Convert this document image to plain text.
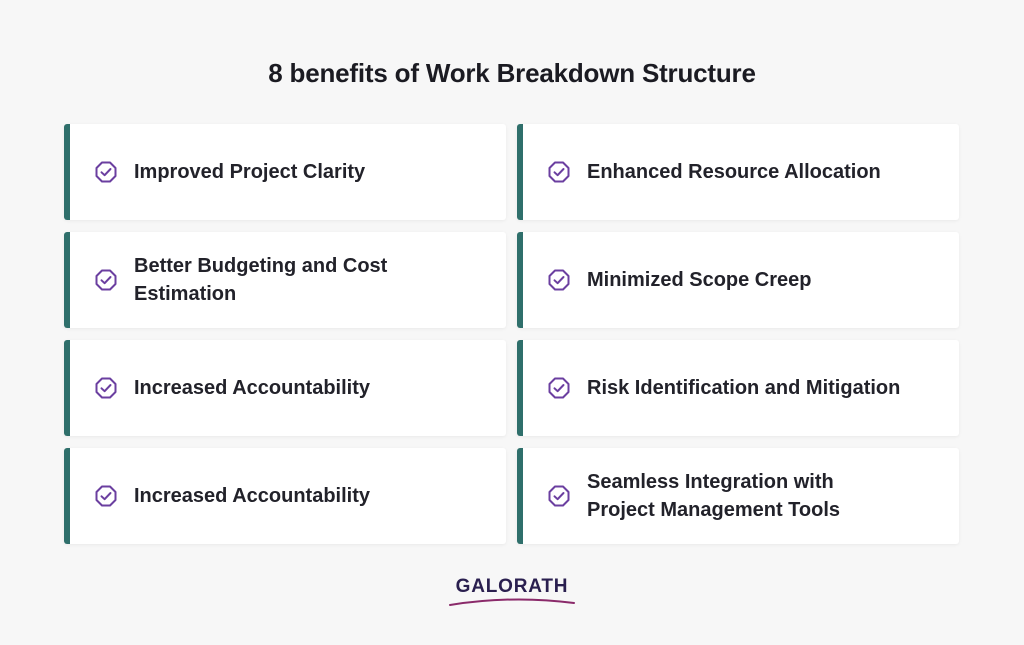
8 benefits of Work Breakdown Structure
Improved Project Clarity	Enhanced Resource Allocation
Better Budgeting and Cost Estimation
Minimized Scope Creep
Increased Accountability	Risk Identification and Mitigation
Increased Accountability
Seamless Integration with Project Management Tools
GALORATH
